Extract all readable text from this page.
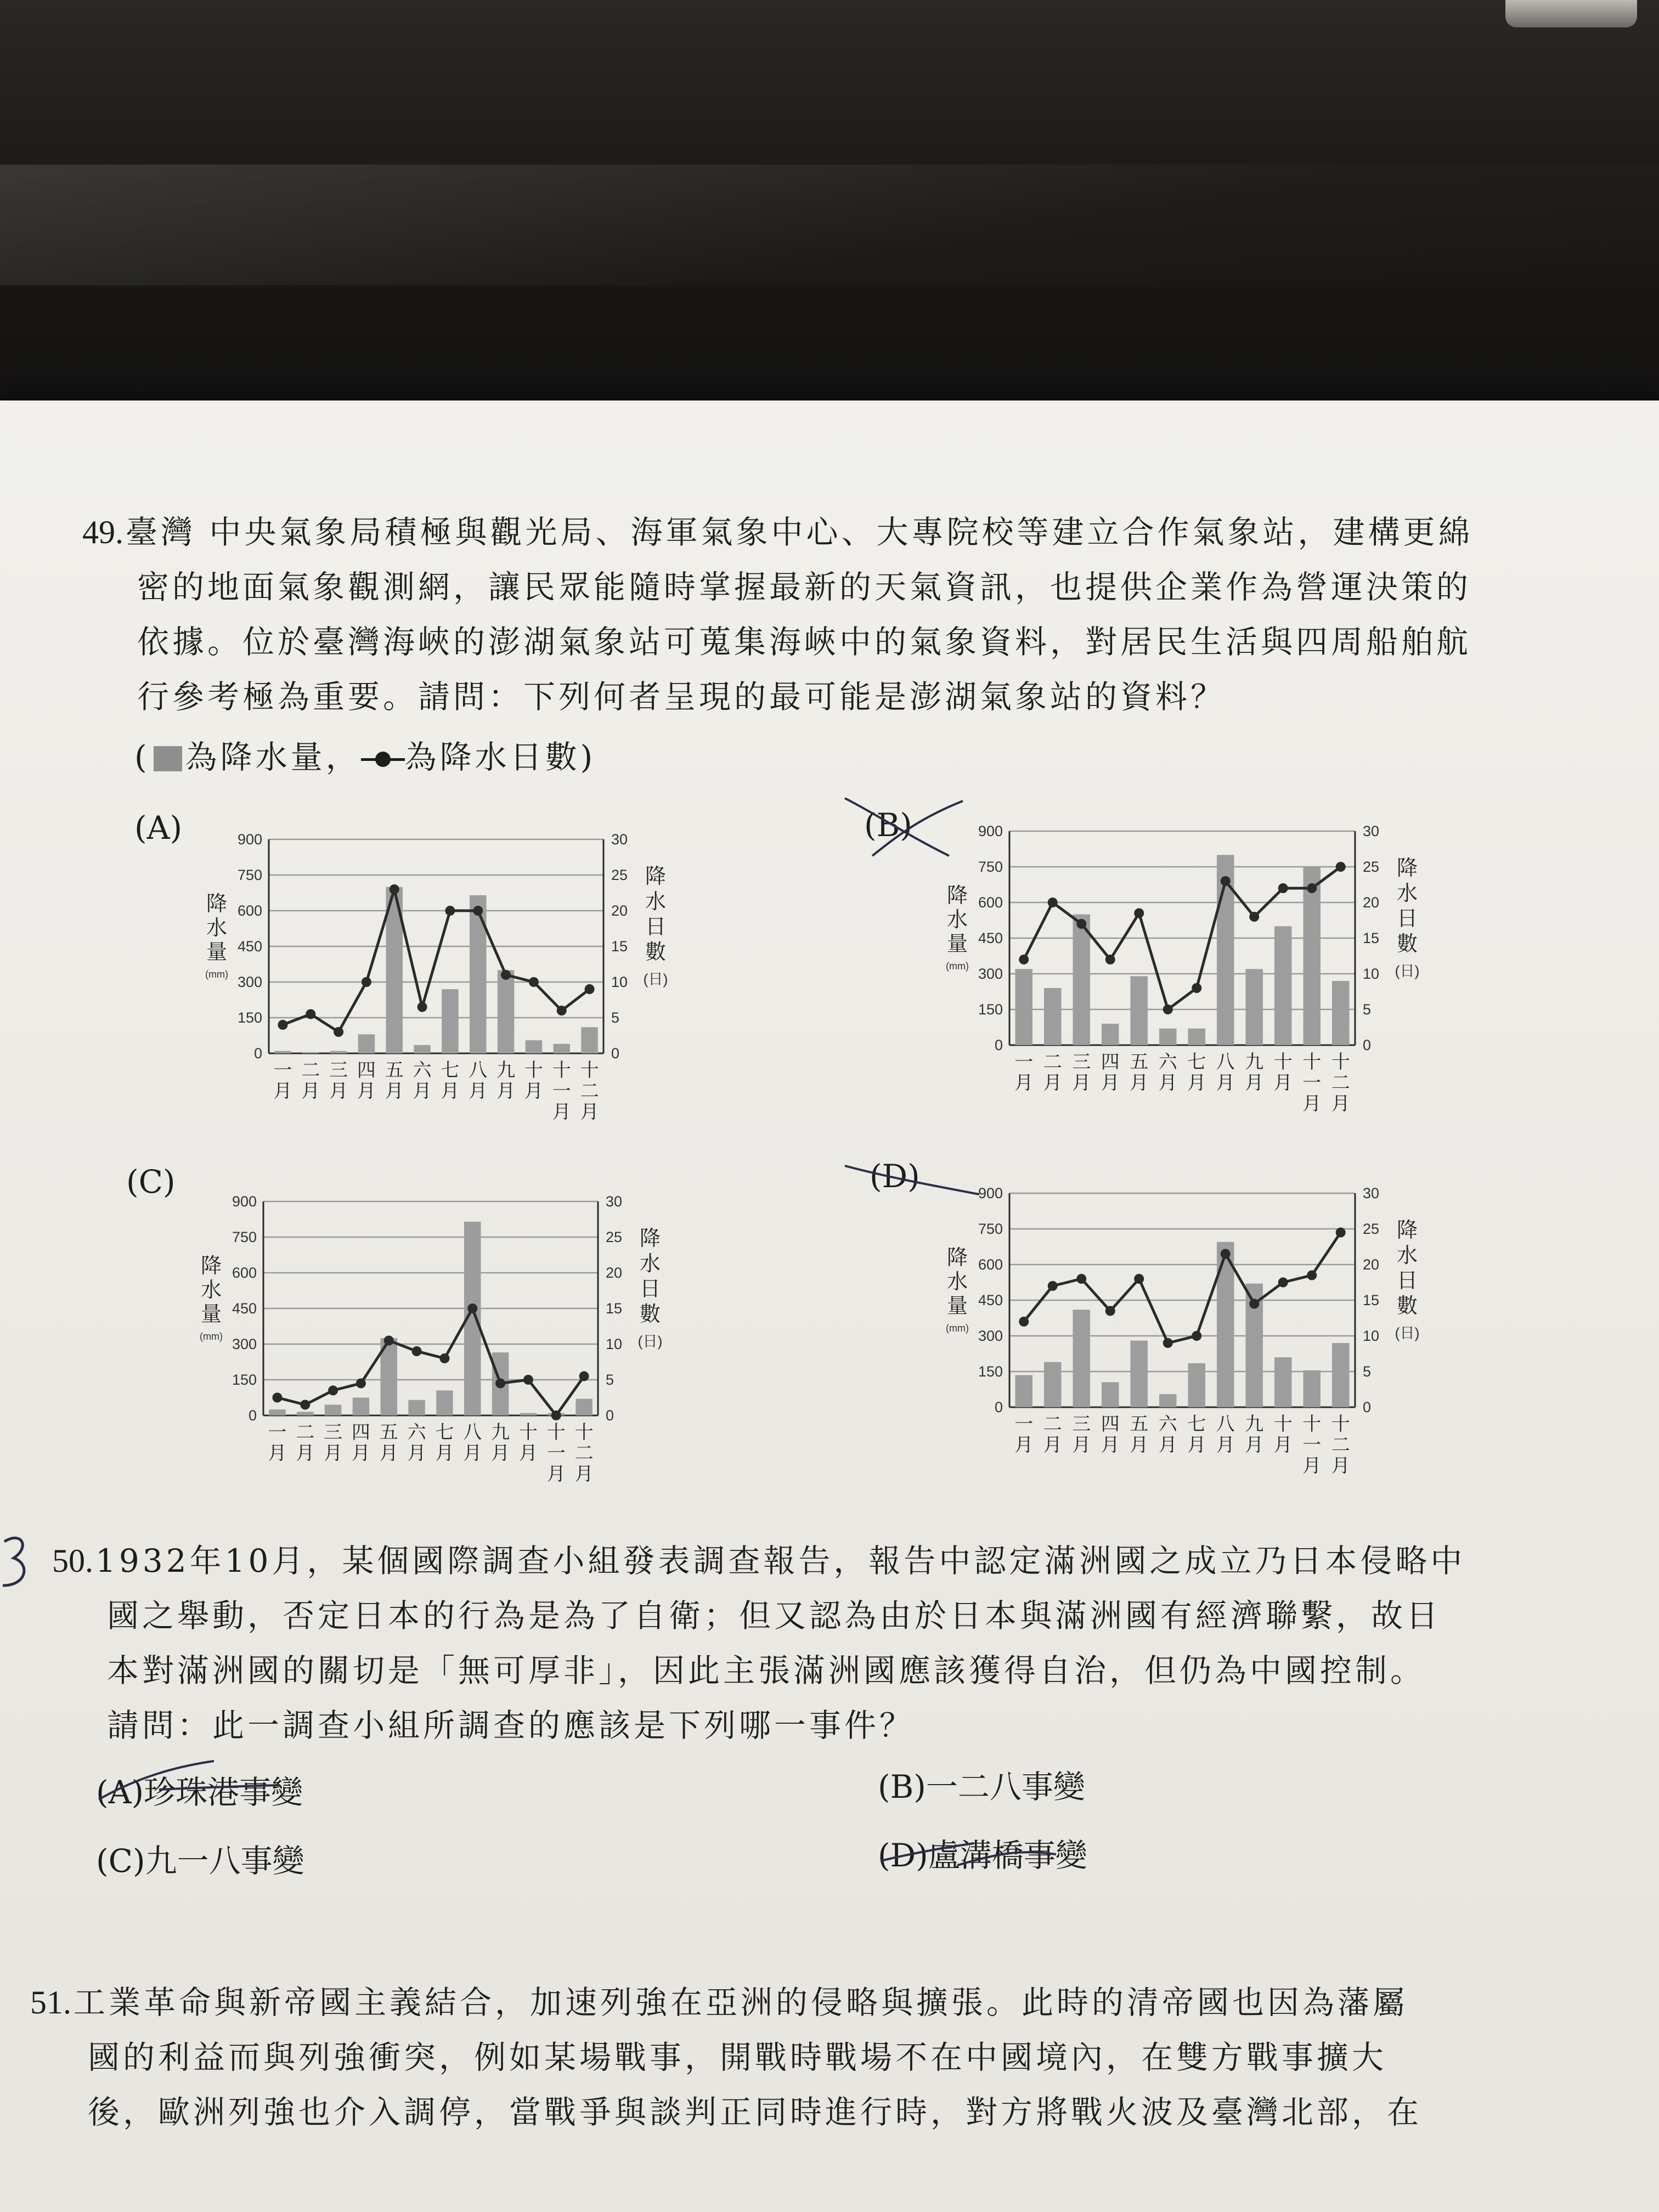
49.臺灣 中央氣象局積極與觀光局、海軍氣象中心、大專院校等建立合作氣象站，建構更綿
密的地面氣象觀測網，讓民眾能隨時掌握最新的天氣資訊，也提供企業作為營運決策的
依據。位於臺灣海峽的澎湖氣象站可蒐集海峽中的氣象資料，對居民生活與四周船舶航
行參考極為重要。請問：下列何者呈現的最可能是澎湖氣象站的資料？
( 為降水量， 為降水日數)
(A)	(B)
(C)	(D)
0
150
300
450
600
750
900
0
5
10
15
20
25
30
一
月
二
月
三
月
四
月
五
月
六
月
七
月
八
月
九
月
十
月
十
一
月
十
二
月
降
水
量
(mm)
降
水
日
數
(日)
0
150
300
450
600
750
900
0
5
10
15
20
25
30
一
月
二
月
三
月
四
月
五
月
六
月
七
月
八
月
九
月
十
月
十
一
月
十
二
月
降
水
量
(mm)
降
水
日
數
(日)
0
150
300
450
600
750
900
0
5
10
15
20
25
30
一
月
二
月
三
月
四
月
五
月
六
月
七
月
八
月
九
月
十
月
十
一
月
十
二
月
降
水
量
(mm)
降
水
日
數
(日)
0
150
300
450
600
750
900
0
5
10
15
20
25
30
一
月
二
月
三
月
四
月
五
月
六
月
七
月
八
月
九
月
十
月
十
一
月
十
二
月
降
水
量
(mm)
降
水
日
數
(日)
50.1932年10月，某個國際調查小組發表調查報告，報告中認定滿洲國之成立乃日本侵略中
國之舉動，否定日本的行為是為了自衛；但又認為由於日本與滿洲國有經濟聯繫，故日
本對滿洲國的關切是「無可厚非」，因此主張滿洲國應該獲得自治，但仍為中國控制。
請問：此一調查小組所調查的應該是下列哪一事件？
(A)珍珠港事變	(B)一二八事變
(C)九一八事變	(D)盧溝橋事變
51.工業革命與新帝國主義結合，加速列強在亞洲的侵略與擴張。此時的清帝國也因為藩屬
國的利益而與列強衝突，例如某場戰事，開戰時戰場不在中國境內，在雙方戰事擴大
後，歐洲列強也介入調停，當戰爭與談判正同時進行時，對方將戰火波及臺灣北部，在
